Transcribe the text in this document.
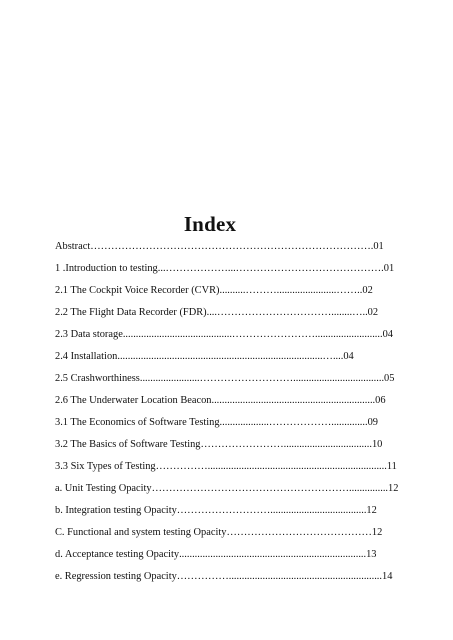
Index
Abstract……………………………………………………………………….01
1 .Introduction to testing...………………...…………………………………….01
2.1 The Cockpit Voice Recorder (CVR)..........……….......................……..02
2.2 The Flight Data Recorder (FDR)....……………………………........…..02
2.3 Data storage..........................................……………………..........................04
2.4 Installation...............................................................................…....04
2.5 Crashworthiness.......................………………………...................................05
2.6 The Underwater Location Beacon...............................................................06
3.1 The Economics of Software Testing...................………………..............09
3.2 The Basics of Software Testing……………………..................................10
3.3 Six Types of Testing…………….....................................................................11
a. Unit Testing Opacity…………………………………………………...............12
b. Integration testing Opacity……………………….....................................12
C. Functional and system testing Opacity……………………………………12
d. Acceptance testing Opacity........................................................................13
e. Regression testing Opacity……………...........................................................14
